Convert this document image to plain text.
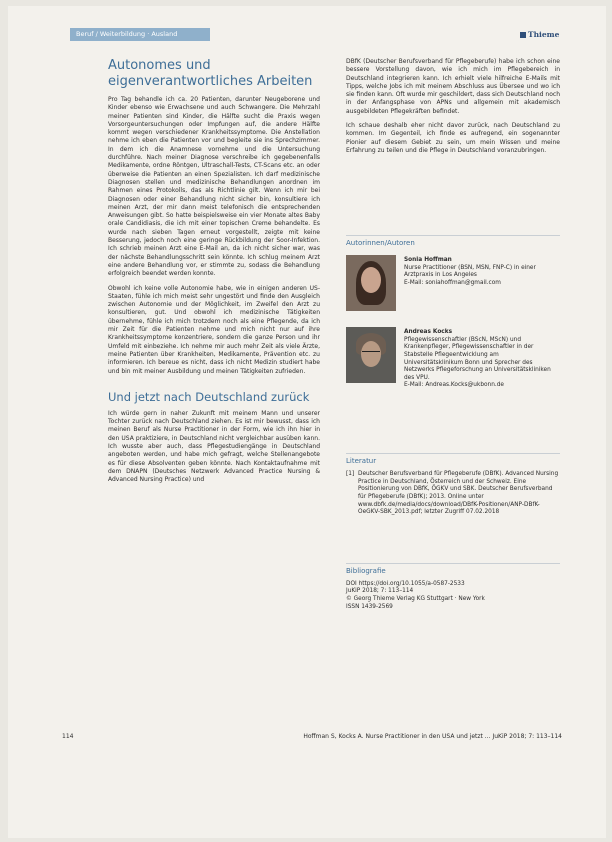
Beruf / Weiterbildung · Ausland	Thieme
Autonomes und eigenverantwortliches Arbeiten

Pro Tag behandle ich ca. 20 Patienten, darunter Neugeborene und Kinder ebenso wie Erwachsene und auch Schwangere. Die Mehrzahl meiner Patienten sind Kinder, die Hälfte sucht die Praxis wegen Vorsorgeuntersuchungen oder Impfungen auf, die andere Hälfte kommt wegen verschiedener Krankheitssymptome. Die Anstellation nehme ich eben die Patienten vor und begleite sie ins Sprechzimmer. In dem ich die Anamnese vornehme und die Untersuchung durchführe. Nach meiner Diagnose verschreibe ich gegebenenfalls Medikamente, ordne Röntgen, Ultraschall-Tests, CT-Scans etc. an oder überweise die Patienten an einen Spezialisten. Ich darf medizinische Diagnosen stellen und medizinische Behandlungen anordnen im Rahmen eines Protokolls, das als Richtlinie gilt. Wenn ich mir bei Diagnosen oder einer Behandlung nicht sicher bin, konsultiere ich meinen Arzt, der mir dann meist telefonisch die entsprechenden Anweisungen gibt. So hatte beispielsweise ein vier Monate altes Baby orale Candidiasis, die ich mit einer topischen Creme behandelte. Es wurde nach sieben Tagen erneut vorgestellt, zeigte mit keine Besserung, jedoch noch eine geringe Rückbildung der Soor-Infektion. Ich schrieb meinen Arzt eine E-Mail an, da ich nicht sicher war, was der nächste Behandlungsschritt sein könnte. Ich schlug meinem Arzt eine andere Behandlung vor, er stimmte zu, sodass die Behandlung erfolgreich beendet werden konnte.

Obwohl ich keine volle Autonomie habe, wie in einigen anderen US-Staaten, fühle ich mich meist sehr ungestört und finde den Ausgleich zwischen Autonomie und der Möglichkeit, im Zweifel den Arzt zu konsultieren, gut. Und obwohl ich medizinische Tätigkeiten übernehme, fühle ich mich trotzdem noch als eine Pflegende, da ich mir Zeit für die Patienten nehme und mich nicht nur auf ihre Krankheitssymptome konzentriere, sondern die ganze Person und ihr Umfeld mit einbeziehe. Ich nehme mir auch mehr Zeit als viele Ärzte, meine Patienten über Krankheiten, Medikamente, Prävention etc. zu informieren. Ich bereue es nicht, dass ich nicht Medizin studiert habe und bin mit meiner Ausbildung und meinen Tätigkeiten zufrieden.

Und jetzt nach Deutschland zurück

Ich würde gern in naher Zukunft mit meinem Mann und unserer Tochter zurück nach Deutschland ziehen. Es ist mir bewusst, dass ich meinen Beruf als Nurse Practitioner in der Form, wie ich ihn hier in den USA praktiziere, in Deutschland nicht vergleichbar ausüben kann. Ich wusste aber auch, dass Pflegestudiengänge in Deutschland angeboten werden, und habe mich gefragt, welche Stellenangebote es für diese Absolventen geben könnte. Nach Kontaktaufnahme mit dem DNAPN (Deutsches Netzwerk Advanced Practice Nursing & Advanced Nursing Practice) und

DBfK (Deutscher Berufsverband für Pflegeberufe) habe ich schon eine bessere Vorstellung davon, wie ich mich im Pflegebereich in Deutschland integrieren kann. Ich erhielt viele hilfreiche E-Mails mit Tipps, welche Jobs ich mit meinem Abschluss aus Übersee und wo ich sie finden kann. Oft wurde mir geschildert, dass sich Deutschland noch in der Anfangsphase von APNs und allgemein mit akademisch ausgebildeten Pflegekräften befindet.

Ich schaue deshalb eher nicht davor zurück, nach Deutschland zu kommen. Im Gegenteil, ich finde es aufregend, ein sogenannter Pionier auf diesem Gebiet zu sein, um mein Wissen und meine Erfahrung zu teilen und die Pflege in Deutschland voranzubringen.

Autorinnen/Autoren
Sonia Hoffman
Nurse Practitioner (BSN, MSN, FNP-C) in einer Arztpraxis in Los Angeles
E-Mail: soniahoffman@gmail.com
Andreas Kocks
Pflegewissenschaftler (BScN, MScN) und Krankenpfleger, Pflegewissenschaftler in der Stabstelle Pflegeentwicklung am Universitätsklinikum Bonn und Sprecher des Netzwerks Pflegeforschung an Universitätskliniken des VPU.
E-Mail: Andreas.Kocks@ukbonn.de
Literatur
[1] Deutscher Berufsverband für Pflegeberufe (DBfK). Advanced Nursing Practice in Deutschland, Österreich und der Schweiz. Eine Positionierung von DBfK, ÖGKV und SBK. Deutscher Berufsverband für Pflegeberufe (DBfK); 2013. Online unter www.dbfk.de/media/docs/download/DBfK-Positionen/ANP-DBfK-OeGKV-SBK_2013.pdf; letzter Zugriff 07.02.2018
Bibliografie
DOI https://doi.org/10.1055/a-0587-2533
JuKiP 2018; 7: 113–114
© Georg Thieme Verlag KG Stuttgart · New York
ISSN 1439-2569
114	Hoffman S, Kocks A. Nurse Practitioner in den USA und jetzt ... JuKiP 2018; 7: 113–114
